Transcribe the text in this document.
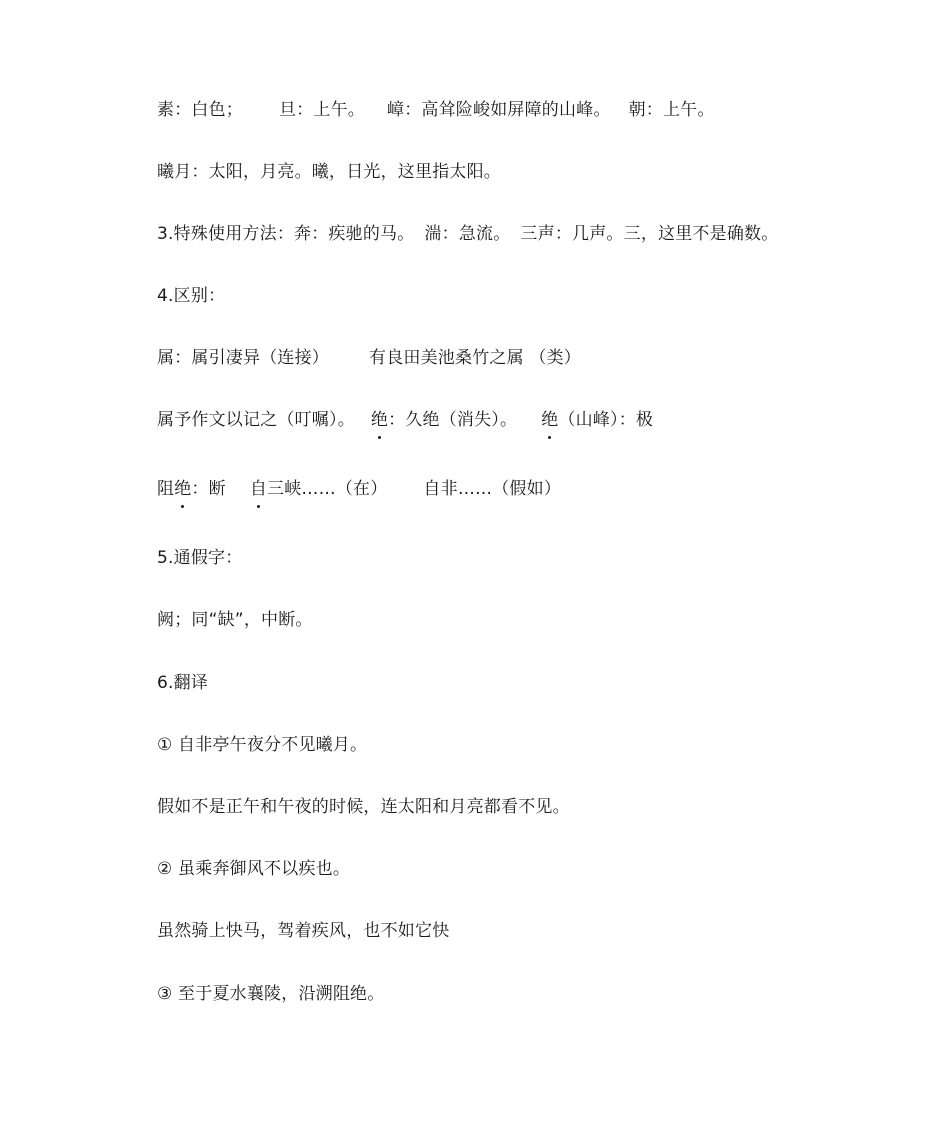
素：白色； 旦：上午。 嶂：高耸险峻如屏障的山峰。 朝：上午。
曦月：太阳，月亮。曦，日光，这里指太阳。
3.特殊使用方法：奔：疾驰的马。 湍：急流。 三声：几声。三，这里不是确数。
4.区别：
属：属引凄异（连接） 有良田美池桑竹之属 （类）
属予作文以记之（叮嘱）。 绝：久绝（消失）。 绝（山峰）：极
阻绝：断 自三峡……（在） 自非……（假如）
5.通假字：
阙；同“缺”，中断。
6.翻译
① 自非亭午夜分不见曦月。
假如不是正午和午夜的时候，连太阳和月亮都看不见。
② 虽乘奔御风不以疾也。
虽然骑上快马，驾着疾风，也不如它快
③ 至于夏水襄陵，沿溯阻绝。
